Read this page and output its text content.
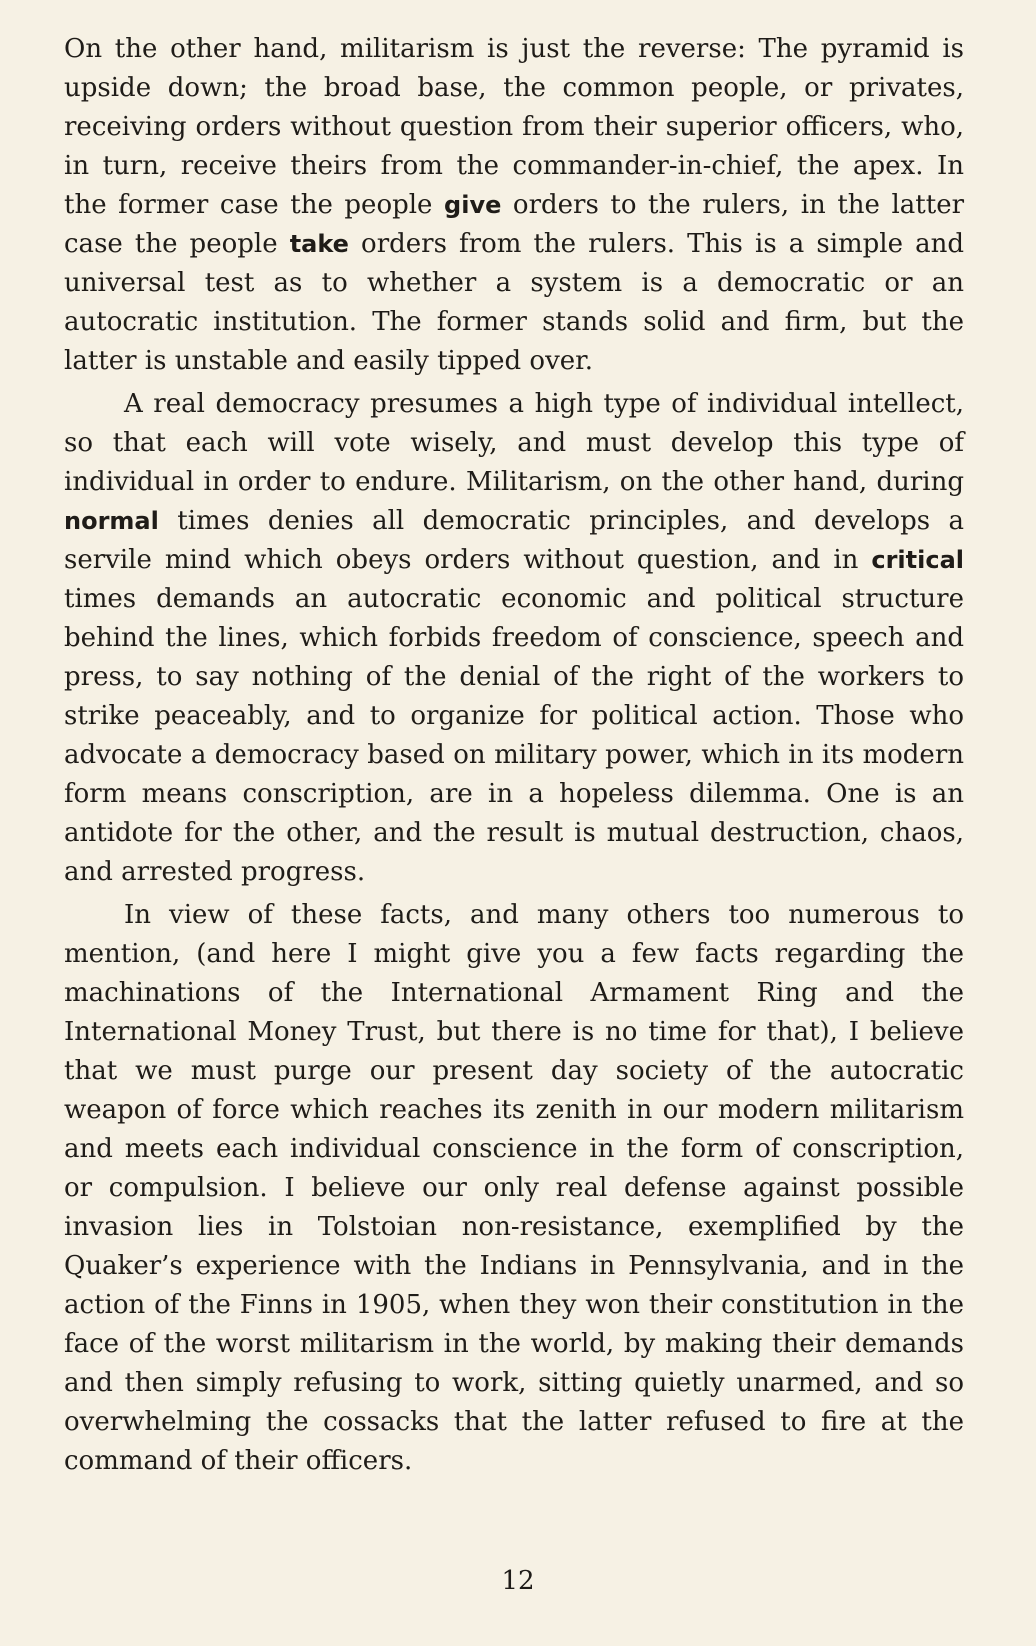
On the other hand, militarism is just the reverse: The pyramid is upside down; the broad base, the common people, or privates, receiving orders without question from their superior officers, who, in turn, receive theirs from the commander-in-chief, the apex. In the former case the people give orders to the rulers, in the latter case the people take orders from the rulers. This is a simple and universal test as to whether a system is a democratic or an autocratic institution. The former stands solid and firm, but the latter is unstable and easily tipped over.

A real democracy presumes a high type of individual intellect, so that each will vote wisely, and must develop this type of individual in order to endure. Militarism, on the other hand, during normal times denies all democratic principles, and develops a servile mind which obeys orders without question, and in critical times demands an autocratic economic and political structure behind the lines, which forbids freedom of conscience, speech and press, to say nothing of the denial of the right of the workers to strike peaceably, and to organize for political action. Those who advocate a democracy based on military power, which in its modern form means conscription, are in a hopeless dilemma. One is an antidote for the other, and the result is mutual destruction, chaos, and arrested progress.

In view of these facts, and many others too numerous to mention, (and here I might give you a few facts regarding the machinations of the International Armament Ring and the International Money Trust, but there is no time for that), I believe that we must purge our present day society of the autocratic weapon of force which reaches its zenith in our modern militarism and meets each individual conscience in the form of conscription, or compulsion. I believe our only real defense against possible invasion lies in Tolstoian non-resistance, exemplified by the Quaker’s experience with the Indians in Pennsylvania, and in the action of the Finns in 1905, when they won their constitution in the face of the worst militarism in the world, by making their demands and then simply refusing to work, sitting quietly unarmed, and so overwhelming the cossacks that the latter refused to fire at the command of their officers.

12
